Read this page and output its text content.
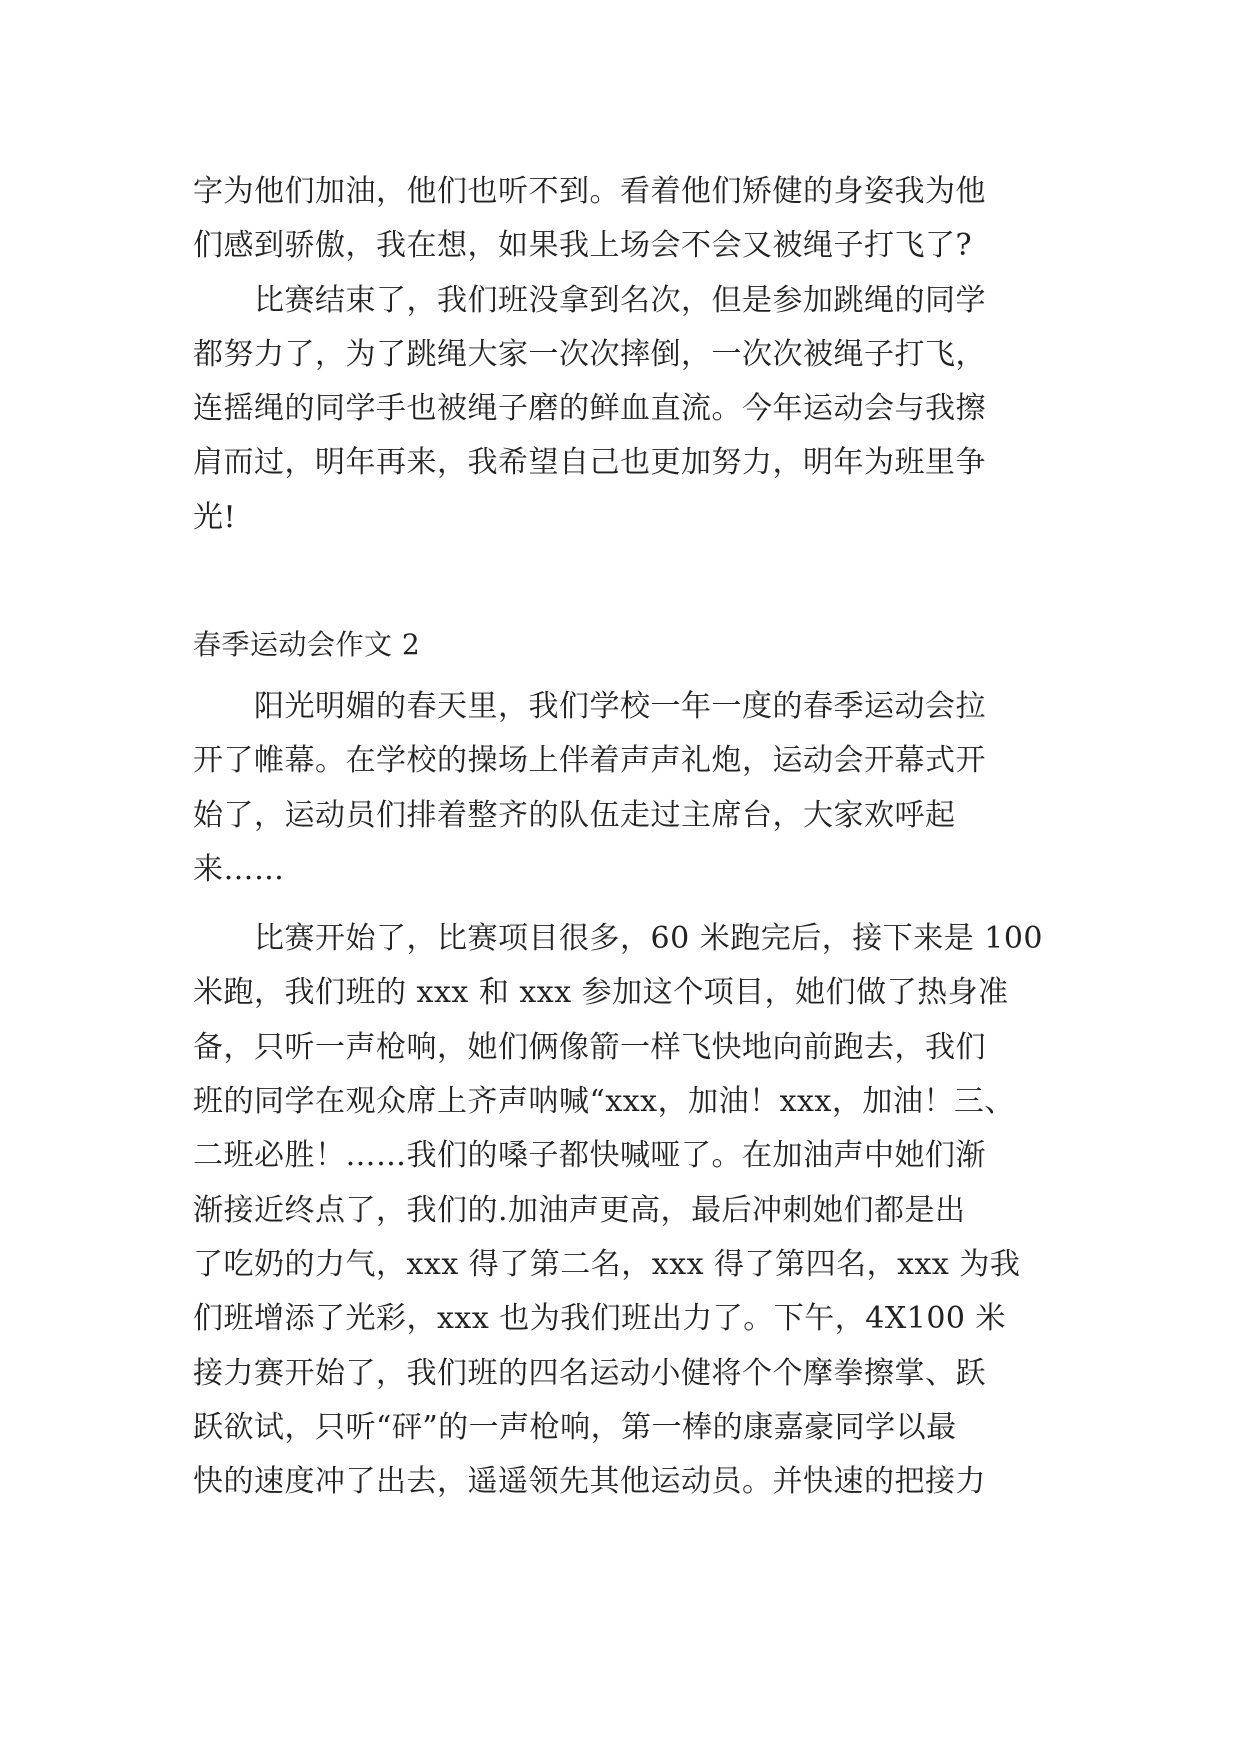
字为他们加油，他们也听不到。看着他们矫健的身姿我为他
们感到骄傲，我在想，如果我上场会不会又被绳子打飞了?
　　比赛结束了，我们班没拿到名次，但是参加跳绳的同学
都努力了，为了跳绳大家一次次摔倒，一次次被绳子打飞，
连摇绳的同学手也被绳子磨的鲜血直流。今年运动会与我擦
肩而过，明年再来，我希望自己也更加努力，明年为班里争
光!
春季运动会作文 2
　　阳光明媚的春天里，我们学校一年一度的春季运动会拉
开了帷幕。在学校的操场上伴着声声礼炮，运动会开幕式开
始了，运动员们排着整齐的队伍走过主席台，大家欢呼起
来……
　　比赛开始了，比赛项目很多，60 米跑完后，接下来是 100
米跑，我们班的 xxx 和 xxx 参加这个项目，她们做了热身准
备，只听一声枪响，她们俩像箭一样飞快地向前跑去，我们
班的同学在观众席上齐声呐喊“xxx，加油！xxx，加油！三、
二班必胜！……我们的嗓子都快喊哑了。在加油声中她们渐
渐接近终点了，我们的.加油声更高，最后冲刺她们都是出
了吃奶的力气，xxx 得了第二名，xxx 得了第四名，xxx 为我
们班增添了光彩，xxx 也为我们班出力了。下午，4X100 米
接力赛开始了，我们班的四名运动小健将个个摩拳擦掌、跃
跃欲试，只听“砰”的一声枪响，第一棒的康嘉豪同学以最
快的速度冲了出去，遥遥领先其他运动员。并快速的把接力
